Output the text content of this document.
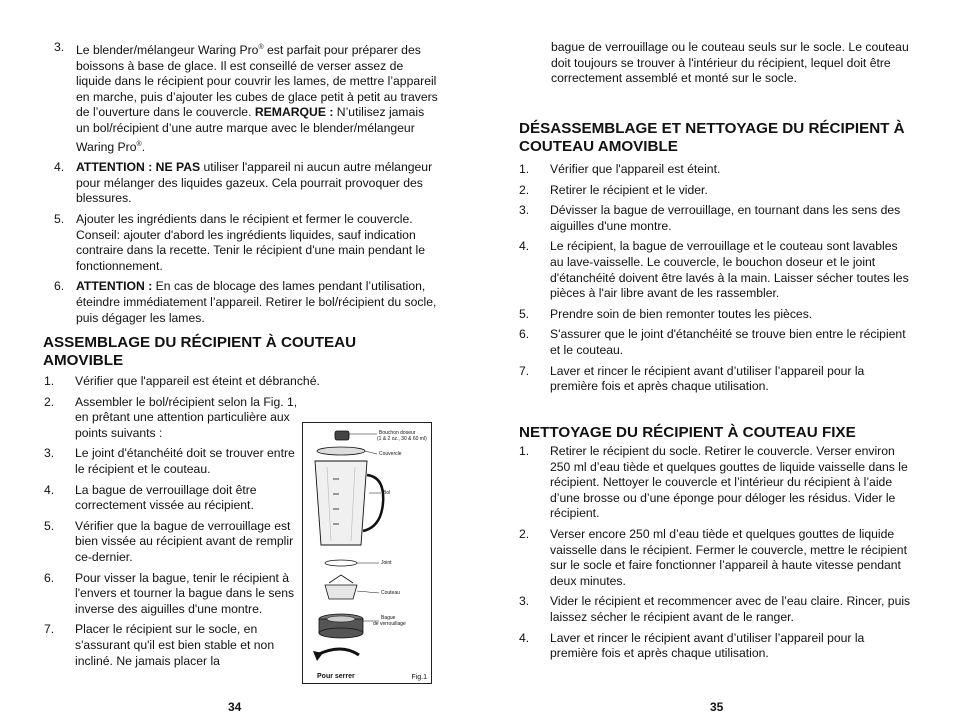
3. Le blender/mélangeur Waring Pro® est parfait pour préparer des boissons à base de glace. Il est conseillé de verser assez de liquide dans le récipient pour couvrir les lames, de mettre l’appareil en marche, puis d’ajouter les cubes de glace petit à petit au travers de l’ouverture dans le couvercle. REMARQUE : N’utilisez jamais un bol/récipient d’une autre marque avec le blender/mélangeur Waring Pro®.
4. ATTENTION : NE PAS utiliser l'appareil ni aucun autre mélangeur pour mélanger des liquides gazeux. Cela pourrait provoquer des blessures.
5. Ajouter les ingrédients dans le récipient et fermer le couvercle. Conseil: ajouter d'abord les ingrédients liquides, sauf indication contraire dans la recette. Tenir le récipient d'une main pendant le fonctionnement.
6. ATTENTION : En cas de blocage des lames pendant l’utilisation, éteindre immédiatement l’appareil. Retirer le bol/récipient du socle, puis dégager les lames.
ASSEMBLAGE DU RÉCIPIENT À COUTEAU AMOVIBLE
1. Vérifier que l'appareil est éteint et débranché.
2. Assembler le bol/récipient selon la Fig. 1, en prêtant une attention particulière aux points suivants :
3. Le joint d'étanchéité doit se trouver entre le récipient et le couteau.
4. La bague de verrouillage doit être correctement vissée au récipient.
5. Vérifier que la bague de verrouillage est bien vissée au récipient avant de remplir ce-dernier.
6. Pour visser la bague, tenir le récipient à l'envers et tourner la bague dans le sens inverse des aiguilles d'une montre.
7. Placer le récipient sur le socle, en s'assurant qu'il est bien stable et non incliné. Ne jamais placer la
Bouchon doseur
(1 & 2 oz., 30 & 60 ml)
Couvercle
Bol
Joint
Couteau
Bague
de verrouillage
Pour serrer	Fig.1
bague de verrouillage ou le couteau seuls sur le socle. Le couteau doit toujours se trouver à l'intérieur du récipient, lequel doit être correctement assemblé et monté sur le socle.
DÉSASSEMBLAGE ET NETTOYAGE DU RÉCIPIENT À COUTEAU AMOVIBLE
1. Vérifier que l'appareil est éteint.
2. Retirer le récipient et le vider.
3. Dévisser la bague de verrouillage, en tournant dans les sens des aiguilles d'une montre.
4. Le récipient, la bague de verrouillage et le couteau sont lavables au lave-vaisselle. Le couvercle, le bouchon doseur et le joint d'étanchéité doivent être lavés à la main. Laisser sécher toutes les pièces à l'air libre avant de les rassembler.
5. Prendre soin de bien remonter toutes les pièces.
6. S'assurer que le joint d'étanchéité se trouve bien entre le récipient et le couteau.
7. Laver et rincer le récipient avant d’utiliser l’appareil pour la première fois et après chaque utilisation.
NETTOYAGE DU RÉCIPIENT À COUTEAU FIXE
1. Retirer le récipient du socle. Retirer le couvercle. Verser environ 250 ml d’eau tiède et quelques gouttes de liquide vaisselle dans le récipient. Nettoyer le couvercle et l’intérieur du récipient à l’aide d’une brosse ou d’une éponge pour déloger les résidus. Vider le récipient.
2. Verser encore 250 ml d’eau tiède et quelques gouttes de liquide vaisselle dans le récipient. Fermer le couvercle, mettre le récipient sur le socle et faire fonctionner l’appareil à haute vitesse pendant deux minutes.
3. Vider le récipient et recommencer avec de l’eau claire. Rincer, puis laissez sécher le récipient avant de le ranger.
4. Laver et rincer le récipient avant d’utiliser l’appareil pour la première fois et après chaque utilisation.
34	35
